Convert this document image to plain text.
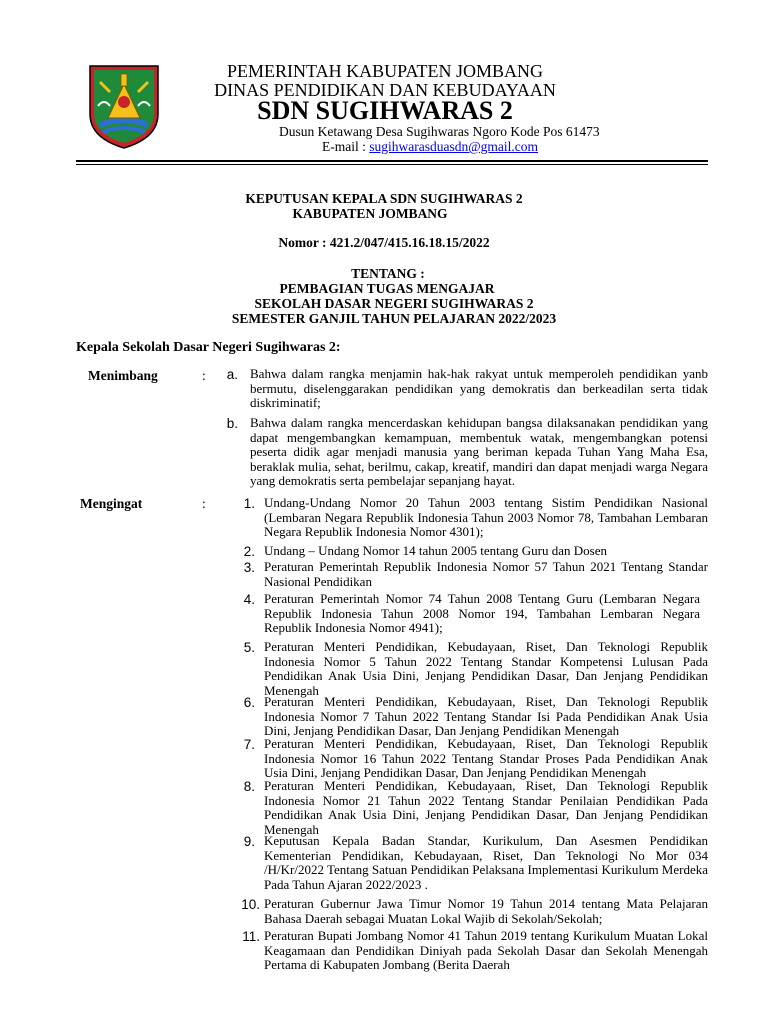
PEMERINTAH KABUPATEN JOMBANG
DINAS PENDIDIKAN DAN KEBUDAYAAN
SDN SUGIHWARAS 2
Dusun Ketawang Desa Sugihwaras Ngoro Kode Pos 61473
E-mail : sugihwarasduasdn@gmail.com
KEPUTUSAN KEPALA SDN SUGIHWARAS 2
KABUPATEN JOMBANG
Nomor : 421.2/047/415.16.18.15/2022
TENTANG :
PEMBAGIAN TUGAS MENGAJAR
SEKOLAH DASAR NEGERI SUGIHWARAS 2
SEMESTER GANJIL TAHUN PELAJARAN 2022/2023
Kepala Sekolah Dasar Negeri Sugihwaras 2:
Menimbang	:	a. Bahwa dalam rangka menjamin hak-hak rakyat untuk memperoleh pendidikan yanb bermutu, diselenggarakan pendidikan yang demokratis dan berkeadilan serta tidak diskriminatif;
b. Bahwa dalam rangka mencerdaskan kehidupan bangsa dilaksanakan pendidikan yang dapat mengembangkan kemampuan, membentuk watak, mengembangkan potensi peserta didik agar menjadi manusia yang beriman kepada Tuhan Yang Maha Esa, beraklak mulia, sehat, berilmu, cakap, kreatif, mandiri dan dapat menjadi warga Negara yang demokratis serta pembelajar sepanjang hayat.
Mengingat	:	1. Undang-Undang Nomor 20 Tahun 2003 tentang Sistim Pendidikan Nasional (Lembaran Negara Republik Indonesia Tahun 2003 Nomor 78, Tambahan Lembaran Negara Republik Indonesia Nomor 4301);
2. Undang – Undang Nomor 14 tahun 2005 tentang Guru dan Dosen
3. Peraturan Pemerintah Republik Indonesia Nomor 57 Tahun 2021 Tentang Standar Nasional Pendidikan
4. Peraturan Pemerintah Nomor 74 Tahun 2008 Tentang Guru (Lembaran Negara Republik Indonesia Tahun 2008 Nomor 194, Tambahan Lembaran Negara Republik Indonesia Nomor 4941);
5. Peraturan Menteri Pendidikan, Kebudayaan, Riset, Dan Teknologi Republik Indonesia Nomor 5 Tahun 2022 Tentang Standar Kompetensi Lulusan Pada Pendidikan Anak Usia Dini, Jenjang Pendidikan Dasar, Dan Jenjang Pendidikan Menengah
6. Peraturan Menteri Pendidikan, Kebudayaan, Riset, Dan Teknologi Republik Indonesia Nomor 7 Tahun 2022 Tentang Standar Isi Pada Pendidikan Anak Usia Dini, Jenjang Pendidikan Dasar, Dan Jenjang Pendidikan Menengah
7. Peraturan Menteri Pendidikan, Kebudayaan, Riset, Dan Teknologi Republik Indonesia Nomor 16 Tahun 2022 Tentang Standar Proses Pada Pendidikan Anak Usia Dini, Jenjang Pendidikan Dasar, Dan Jenjang Pendidikan Menengah
8. Peraturan Menteri Pendidikan, Kebudayaan, Riset, Dan Teknologi Republik Indonesia Nomor 21 Tahun 2022 Tentang Standar Penilaian Pendidikan Pada Pendidikan Anak Usia Dini, Jenjang Pendidikan Dasar, Dan Jenjang Pendidikan Menengah
9. Keputusan Kepala Badan Standar, Kurikulum, Dan Asesmen Pendidikan Kementerian Pendidikan, Kebudayaan, Riset, Dan Teknologi No Mor 034 /H/Kr/2022 Tentang Satuan Pendidikan Pelaksana Implementasi Kurikulum Merdeka Pada Tahun Ajaran 2022/2023 .
10. Peraturan Gubernur Jawa Timur Nomor 19 Tahun 2014 tentang Mata Pelajaran Bahasa Daerah sebagai Muatan Lokal Wajib di Sekolah/Sekolah;
11. Peraturan Bupati Jombang Nomor 41 Tahun 2019 tentang Kurikulum Muatan Lokal Keagamaan dan Pendidikan Diniyah pada Sekolah Dasar dan Sekolah Menengah Pertama di Kabupaten Jombang (Berita Daerah
